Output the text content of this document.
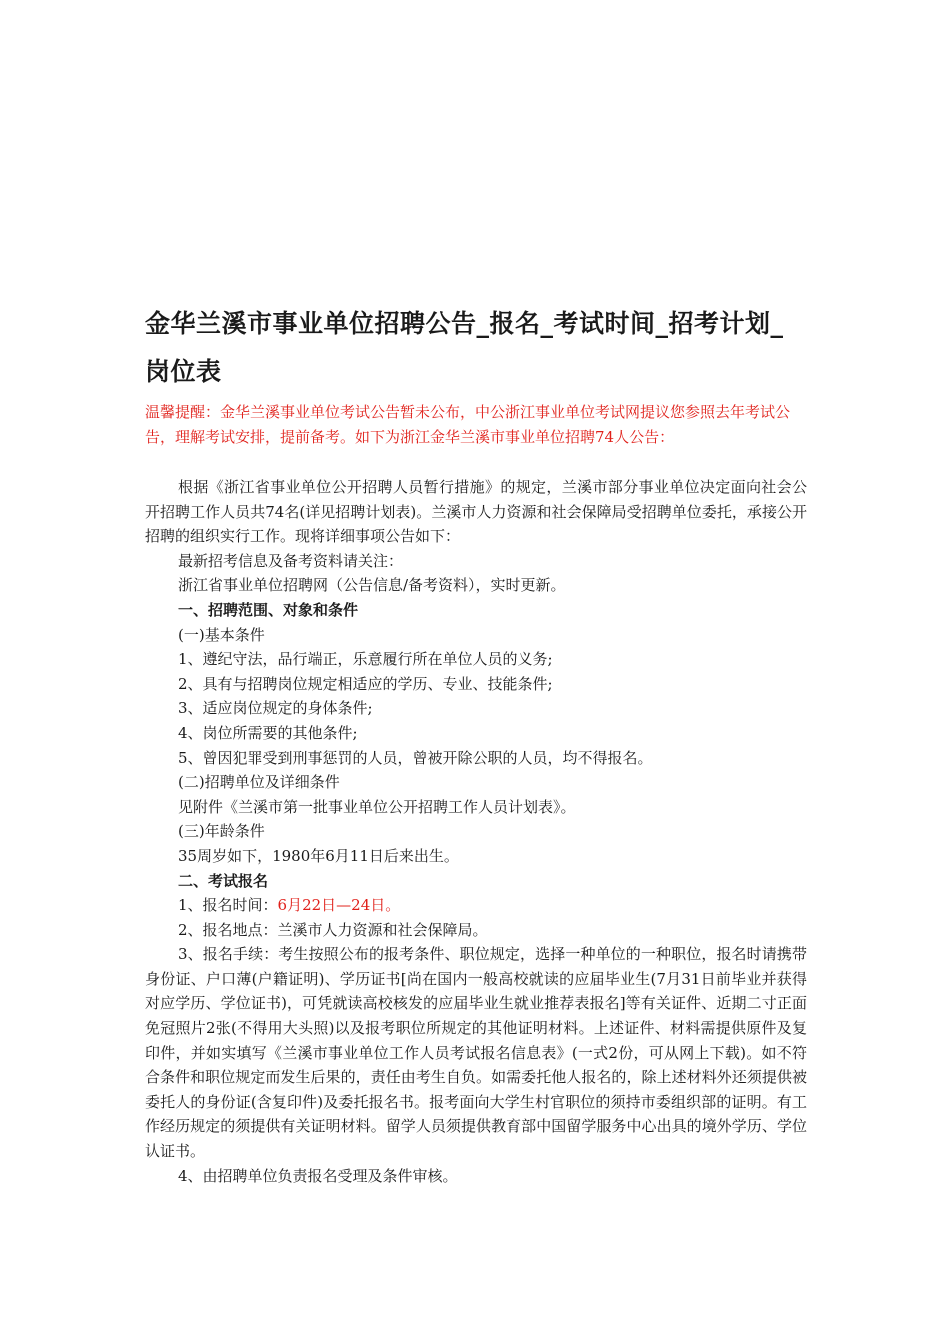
金华兰溪市事业单位招聘公告_报名_考试时间_招考计划_岗位表

温馨提醒：金华兰溪事业单位考试公告暂未公布，中公浙江事业单位考试网提议您参照去年考试公告，理解考试安排，提前备考。如下为浙江金华兰溪市事业单位招聘74人公告：

根据《浙江省事业单位公开招聘人员暂行措施》的规定，兰溪市部分事业单位决定面向社会公开招聘工作人员共74名(详见招聘计划表)。兰溪市人力资源和社会保障局受招聘单位委托，承接公开招聘的组织实行工作。现将详细事项公告如下：

最新招考信息及备考资料请关注：

浙江省事业单位招聘网（公告信息/备考资料），实时更新。

一、招聘范围、对象和条件

(一)基本条件

1、遵纪守法，品行端正，乐意履行所在单位人员的义务;

2、具有与招聘岗位规定相适应的学历、专业、技能条件;

3、适应岗位规定的身体条件;

4、岗位所需要的其他条件;

5、曾因犯罪受到刑事惩罚的人员，曾被开除公职的人员，均不得报名。

(二)招聘单位及详细条件

见附件《兰溪市第一批事业单位公开招聘工作人员计划表》。

(三)年龄条件

35周岁如下，1980年6月11日后来出生。

二、考试报名

1、报名时间：6月22日—24日。

2、报名地点：兰溪市人力资源和社会保障局。

3、报名手续：考生按照公布的报考条件、职位规定，选择一种单位的一种职位，报名时请携带身份证、户口薄(户籍证明)、学历证书[尚在国内一般高校就读的应届毕业生(7月31日前毕业并获得对应学历、学位证书)，可凭就读高校核发的应届毕业生就业推荐表报名]等有关证件、近期二寸正面免冠照片2张(不得用大头照)以及报考职位所规定的其他证明材料。上述证件、材料需提供原件及复印件，并如实填写《兰溪市事业单位工作人员考试报名信息表》(一式2份，可从网上下载)。如不符合条件和职位规定而发生后果的，责任由考生自负。如需委托他人报名的，除上述材料外还须提供被委托人的身份证(含复印件)及委托报名书。报考面向大学生村官职位的须持市委组织部的证明。有工作经历规定的须提供有关证明材料。留学人员须提供教育部中国留学服务中心出具的境外学历、学位认证书。

4、由招聘单位负责报名受理及条件审核。
